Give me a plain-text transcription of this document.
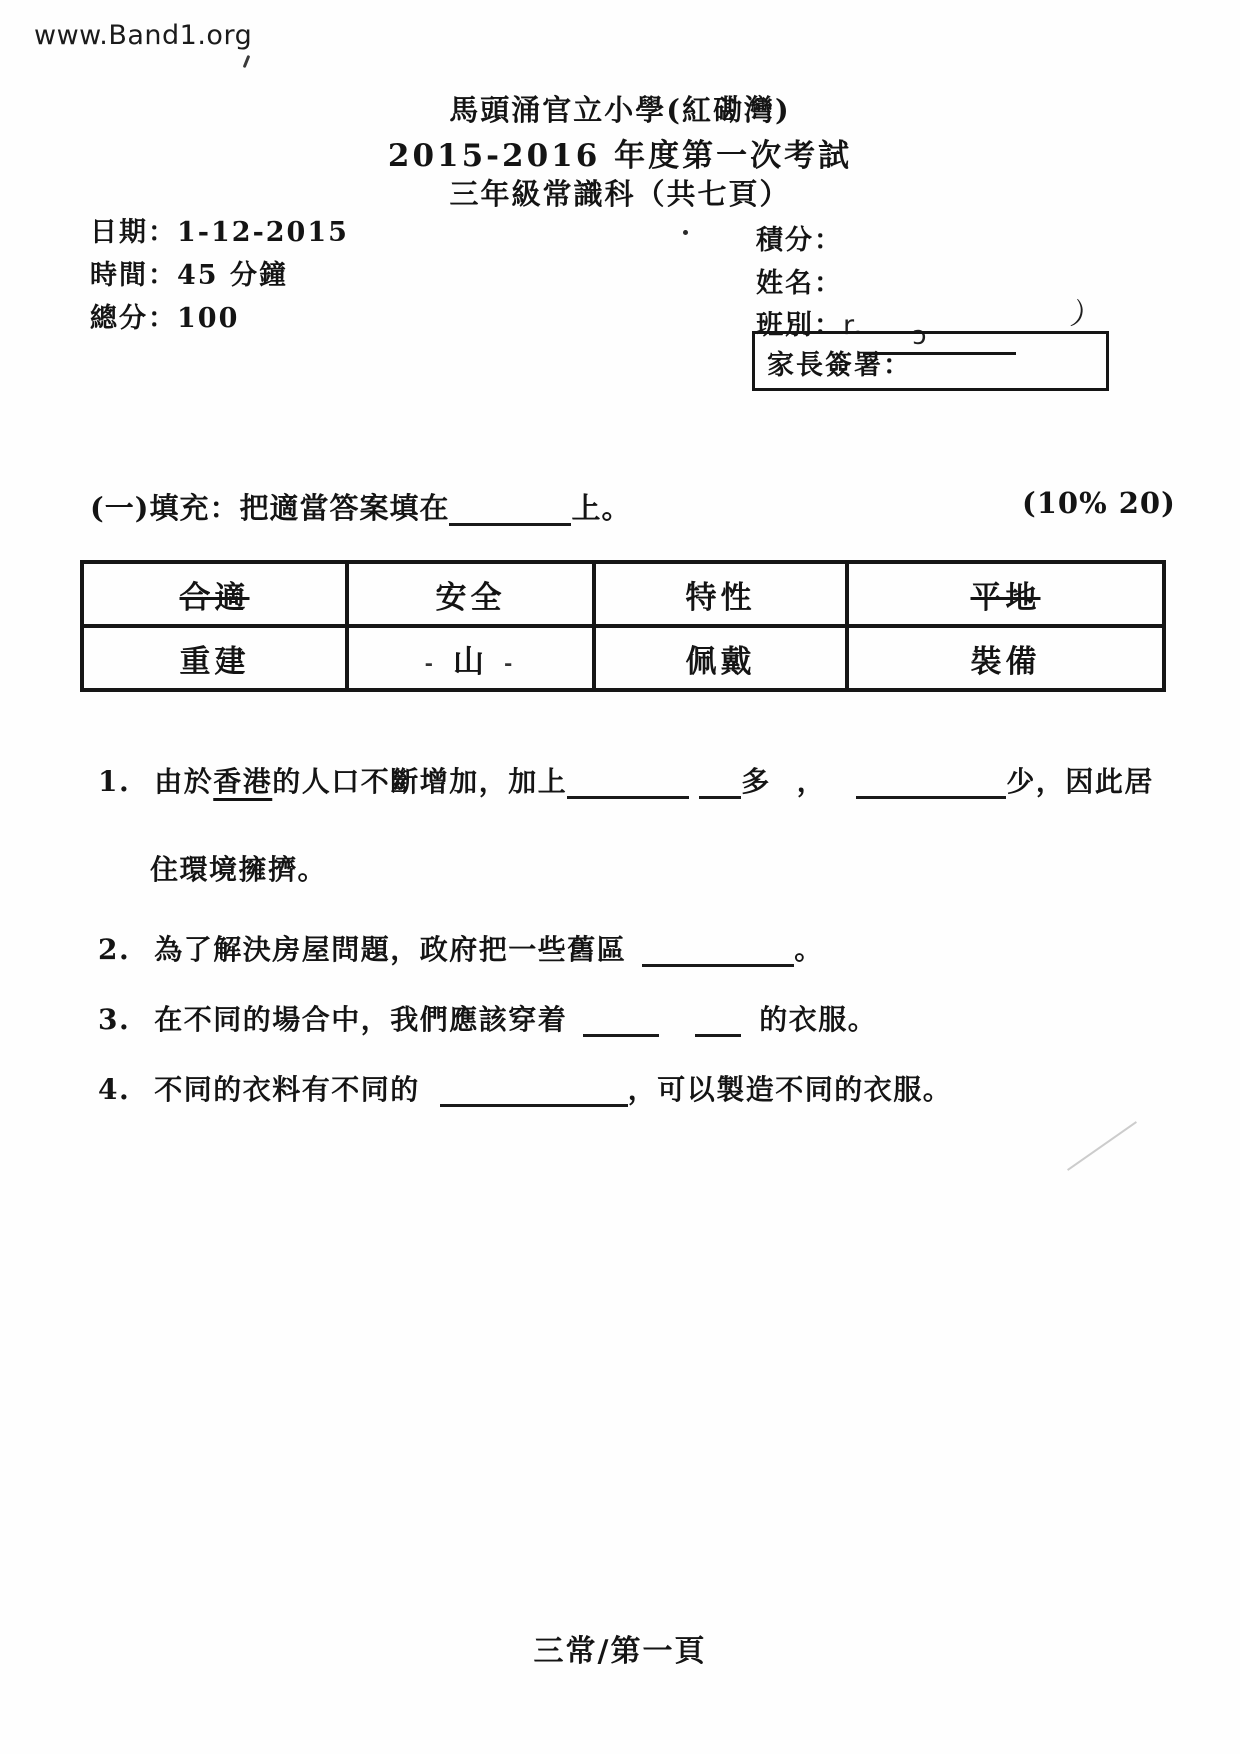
www.Band1.org
馬頭涌官立小學(紅磡灣)
2015-2016 年度第一次考試
三年級常識科（共七頁）
日期：1-12-2015
時間：45 分鐘
總分：100
積分：
姓名：
班別：r. ɔ	）
家長簽署：
(一)填充：把適當答案填在	上。	(10% 20)
合適	安全	特性	平地
重建	‐ 山 ‐	佩戴	裝備
1. 由於香港的人口不斷增加，加上	多 ，	少，因此居
住環境擁擠。
2. 為了解決房屋問題，政府把一些舊區	。
3. 在不同的場合中，我們應該穿着	的衣服。
4. 不同的衣料有不同的	，可以製造不同的衣服。
三常/第一頁
